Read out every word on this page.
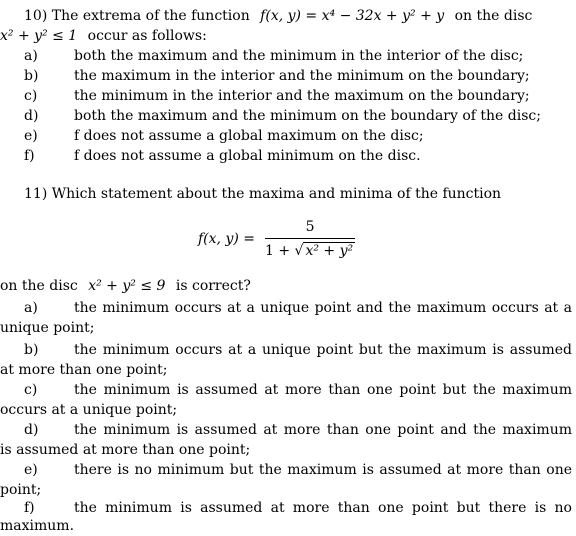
10) The extrema of the function f(x, y) = x⁴ − 32x + y² + y on the disc
x² + y² ≤ 1 occur as follows:
a)	both the maximum and the minimum in the interior of the disc;
b)	the maximum in the interior and the minimum on the boundary;
c)	the minimum in the interior and the maximum on the boundary;
d)	both the maximum and the minimum on the boundary of the disc;
e)	f does not assume a global maximum on the disc;
f)	f does not assume a global minimum on the disc.
11) Which statement about the maxima and minima of the function
f(x, $y) = \frac{5}{\text{1 + √ x² + y²}}$
on the disc x² + y² ≤ 9 is correct?
a)	the minimum occurs at a unique point and the maximum occurs at a
unique point;
b)	the minimum occurs at a unique point but the maximum is assumed
at more than one point;
c)	the minimum is assumed at more than one point but the maximum
occurs at a unique point;
d)	the minimum is assumed at more than one point and the maximum
is assumed at more than one point;
e)	there is no minimum but the maximum is assumed at more than one
point;
f)	the minimum is assumed at more than one point but there is no
maximum.
